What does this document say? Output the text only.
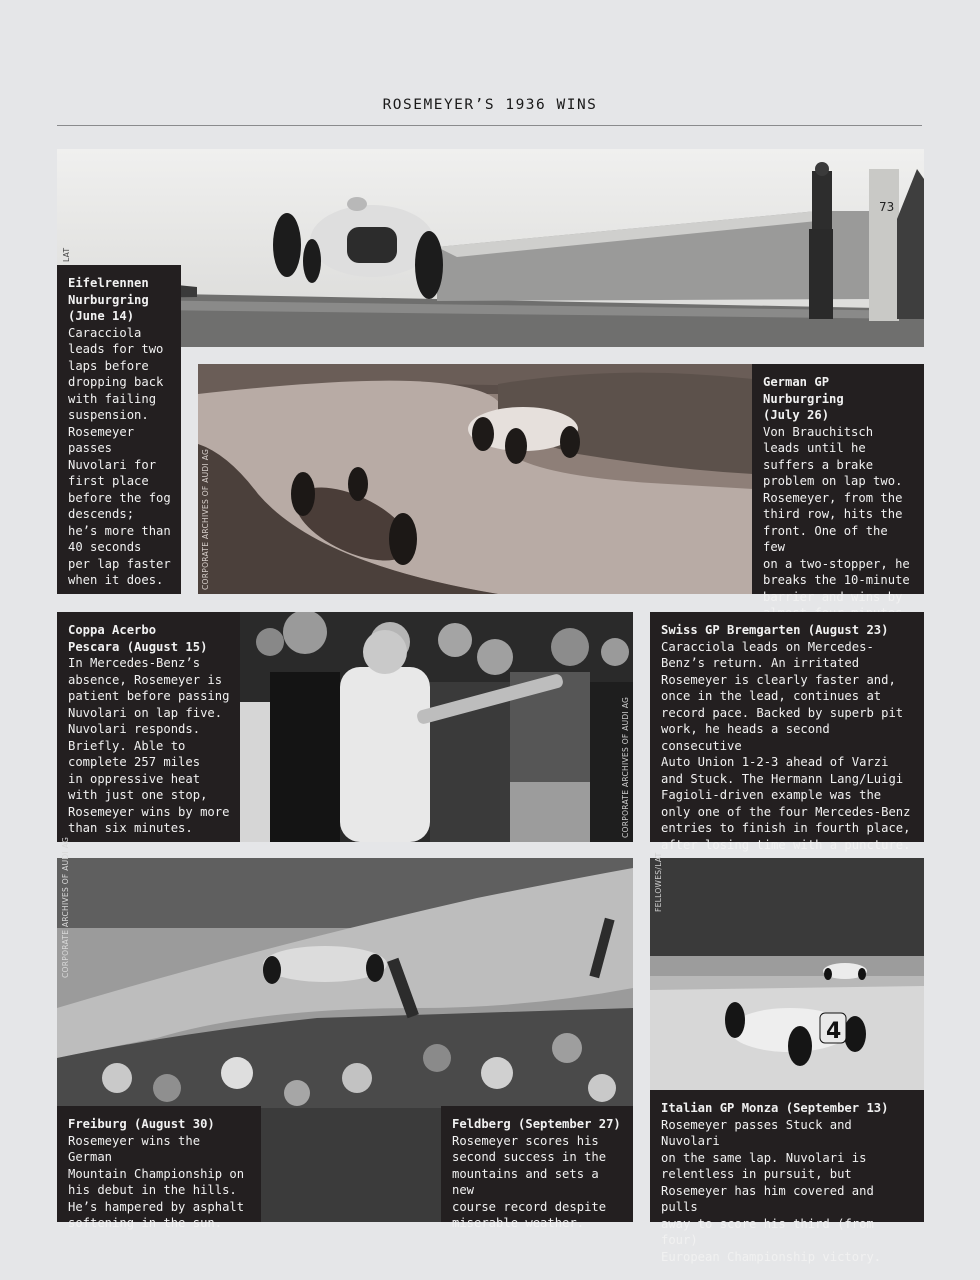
ROSEMEYER’S 1936 WINS
73
LAT
Eifelrennen
Nurburgring
(June 14)
Caracciola
leads for two
laps before
dropping back
with failing
suspension.
Rosemeyer
passes
Nuvolari for
first place
before the fog
descends;
he’s more than
40 seconds
per lap faster
when it does.	CORPORATE ARCHIVES OF AUDI AG
German GP Nurburgring
(July 26)
Von Brauchitsch
leads until he
suffers a brake
problem on lap two.
Rosemeyer, from the
third row, hits the
front. One of the few
on a two-stopper, he
breaks the 10-minute
barrier and wins by

Coppa Acerbo
Pescara (August 15)
In Mercedes-Benz’s
absence, Rosemeyer is
patient before passing
Nuvolari on lap five.
Nuvolari responds.
Briefly. Able to
complete 257 miles
in oppressive heat
with just one stop,
Rosemeyer wins by more
than six minutes.	CORPORATE ARCHIVES OF AUDI AG
Swiss GP Bremgarten (August 23)
Caracciola leads on Mercedes-
Benz’s return. An irritated
Rosemeyer is clearly faster and,
once in the lead, continues at
record pace. Backed by superb pit
work, he heads a second consecutive
Auto Union 1-2-3 ahead of Varzi
and Stuck. The Hermann Lang/Luigi
Fagioli-driven example was the
only one of the four Mercedes-Benz
entries to finish in fourth place,
after losing time with a puncture.
CORPORATE ARCHIVES OF AUDI AG
Freiburg (August 30)
Rosemeyer wins the German
Mountain Championship on
his debut in the hills.
He’s hampered by asphalt
softening in the sun.
Feldberg (September 27)
Rosemeyer scores his
second success in the
mountains and sets a new
course record despite
miserable weather.
4
FELLOWES/LAT
Italian GP Monza (September 13)
Rosemeyer passes Stuck and Nuvolari
on the same lap. Nuvolari is
relentless in pursuit, but
Rosemeyer has him covered and pulls
away to score his third (from four)
European Championship victory.
